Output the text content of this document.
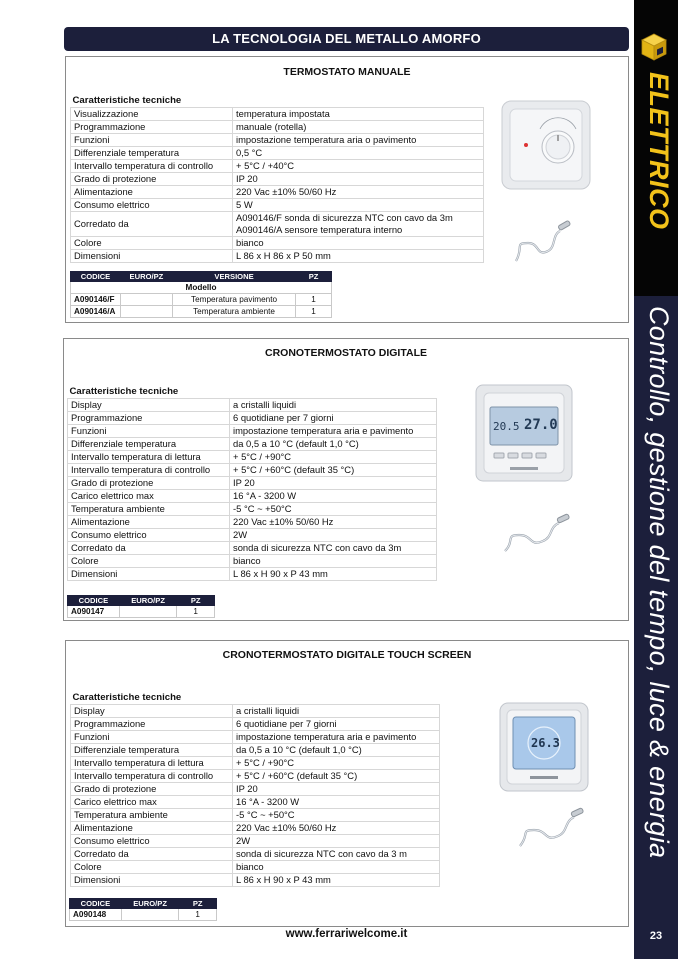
LA TECNOLOGIA DEL METALLO AMORFO
TERMOSTATO MANUALE
Caratteristiche tecniche	
Visualizzazione	temperatura impostata
Programmazione	manuale (rotella)
Funzioni	impostazione temperatura aria o pavimento
Differenziale temperatura	0,5 °C
Intervallo temperatura di controllo	+ 5°C / +40°C
Grado di protezione	IP 20
Alimentazione	220 Vac ±10% 50/60 Hz
Consumo elettrico	5 W
Corredato da	A090146/F sonda di sicurezza NTC con cavo da 3m
A090146/A sensore temperatura interno
Colore	bianco
Dimensioni	L 86 x H 86 x P 50 mm
CODICE	EURO/PZ	VERSIONE	PZ
Modello			
A090146/F		Temperatura pavimento	1
A090146/A		Temperatura ambiente	1
CRONOTERMOSTATO DIGITALE
Caratteristiche tecniche	
Display	a cristalli liquidi
Programmazione	6 quotidiane per 7 giorni
Funzioni	impostazione temperatura aria e pavimento
Differenziale temperatura	da 0,5 a 10 °C (default 1,0 °C)
Intervallo temperatura di lettura	+ 5°C / +90°C
Intervallo temperatura di controllo	+ 5°C / +60°C (default 35 °C)
Grado di protezione	IP 20
Carico elettrico max	16 °A - 3200 W
Temperatura ambiente	-5 °C ~ +50°C
Alimentazione	220 Vac ±10% 50/60 Hz
Consumo elettrico	2W
Corredato da	sonda di sicurezza NTC con cavo da 3m
Colore	bianco
Dimensioni	L 86 x H 90 x P 43 mm
CODICE	EURO/PZ	PZ
A090147		1
20.5 27.0
CRONOTERMOSTATO DIGITALE TOUCH SCREEN
Caratteristiche tecniche	
Display	a cristalli liquidi
Programmazione	6 quotidiane per 7 giorni
Funzioni	impostazione temperatura aria e pavimento
Differenziale temperatura	da 0,5 a 10 °C (default 1,0 °C)
Intervallo temperatura di lettura	+ 5°C / +90°C
Intervallo temperatura di controllo	+ 5°C / +60°C (default 35 °C)
Grado di protezione	IP 20
Carico elettrico max	16 °A - 3200 W
Temperatura ambiente	-5 °C ~ +50°C
Alimentazione	220 Vac ±10% 50/60 Hz
Consumo elettrico	2W
Corredato da	sonda di sicurezza NTC con cavo da 3 m
Colore	bianco
Dimensioni	L 86 x H 90 x P 43 mm
CODICE	EURO/PZ	PZ
A090148		1
26.3
www.ferrariwelcome.it
ELETTRICO
Controllo, gestione del tempo, luce & energia
23
